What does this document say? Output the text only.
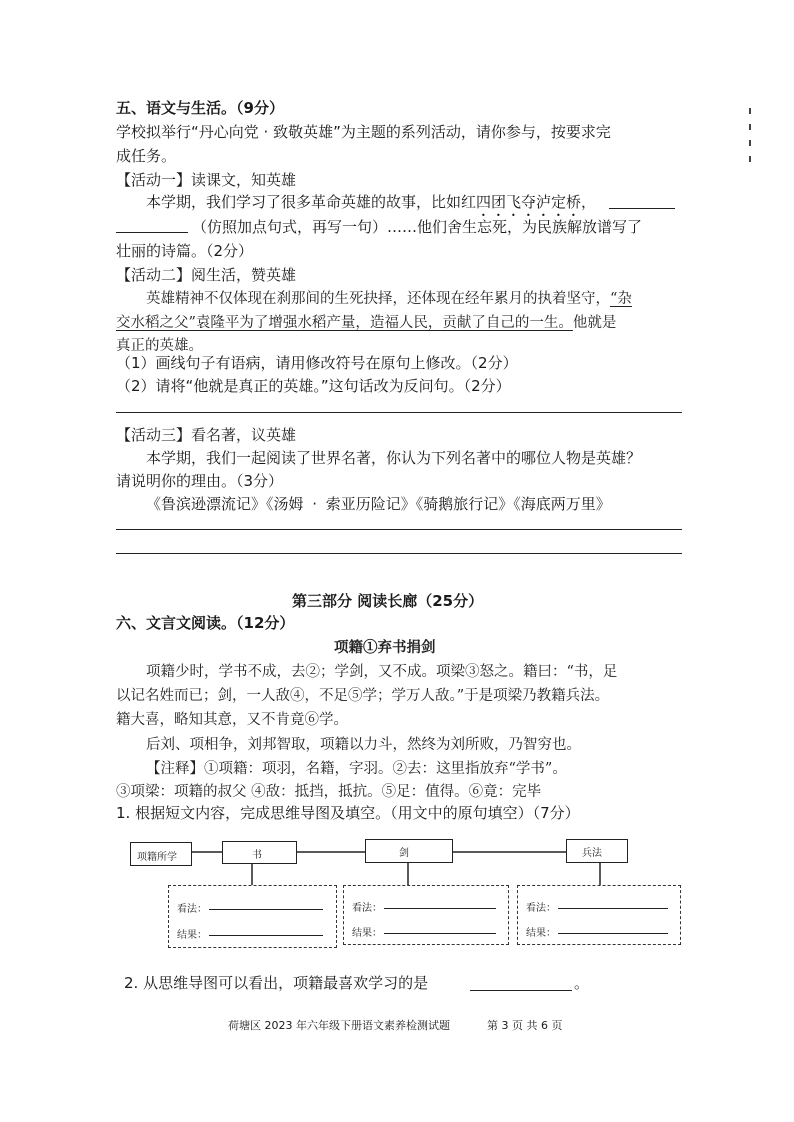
五、语文与生活。（9分）
学校拟举行“丹心向党 · 致敬英雄”为主题的系列活动，请你参与，按要求完
成任务。
【活动一】读课文，知英雄
本学期，我们学习了很多革命英雄的故事，比如红四团飞夺泸定桥，
（仿照加点句式，再写一句）……他们舍生忘死，为民族解放谱写了
壮丽的诗篇。（2分）
【活动二】阅生活，赞英雄
英雄精神不仅体现在刹那间的生死抉择，还体现在经年累月的执着坚守，“杂
交水稻之父”袁隆平为了增强水稻产量，造福人民，贡献了自己的一生。他就是
真正的英雄。
（1）画线句子有语病，请用修改符号在原句上修改。（2分）
（2）请将“他就是真正的英雄。”这句话改为反问句。（2分）
【活动三】看名著，议英雄
本学期，我们一起阅读了世界名著，你认为下列名著中的哪位人物是英雄？
请说明你的理由。（3分）
《鲁滨逊漂流记》《汤姆 · 索亚历险记》《骑鹅旅行记》《海底两万里》
第三部分 阅读长廊（25分）
六、文言文阅读。（12分）
项籍①弃书捐剑
项籍少时，学书不成，去②；学剑，又不成。项梁③怒之。籍曰：“书，足
以记名姓而已；剑，一人敌④，不足⑤学；学万人敌。”于是项梁乃教籍兵法。
籍大喜，略知其意，又不肯竟⑥学。
后刘、项相争，刘邦智取，项籍以力斗，然终为刘所败，乃智穷也。
【注释】①项籍：项羽，名籍，字羽。②去：这里指放弃“学书”。
③项梁：项籍的叔父 ④敌：抵挡，抵抗。⑤足：值得。⑥竟：完毕
1. 根据短文内容，完成思维导图及填空。（用文中的原句填空）（7分）
项籍所学	书	剑	兵法
看法：
结果：
看法：
结果：
看法：
结果：
2. 从思维导图可以看出，项籍最喜欢学习的是	。
荷塘区 2023 年六年级下册语文素养检测试题	第 3 页 共 6 页
